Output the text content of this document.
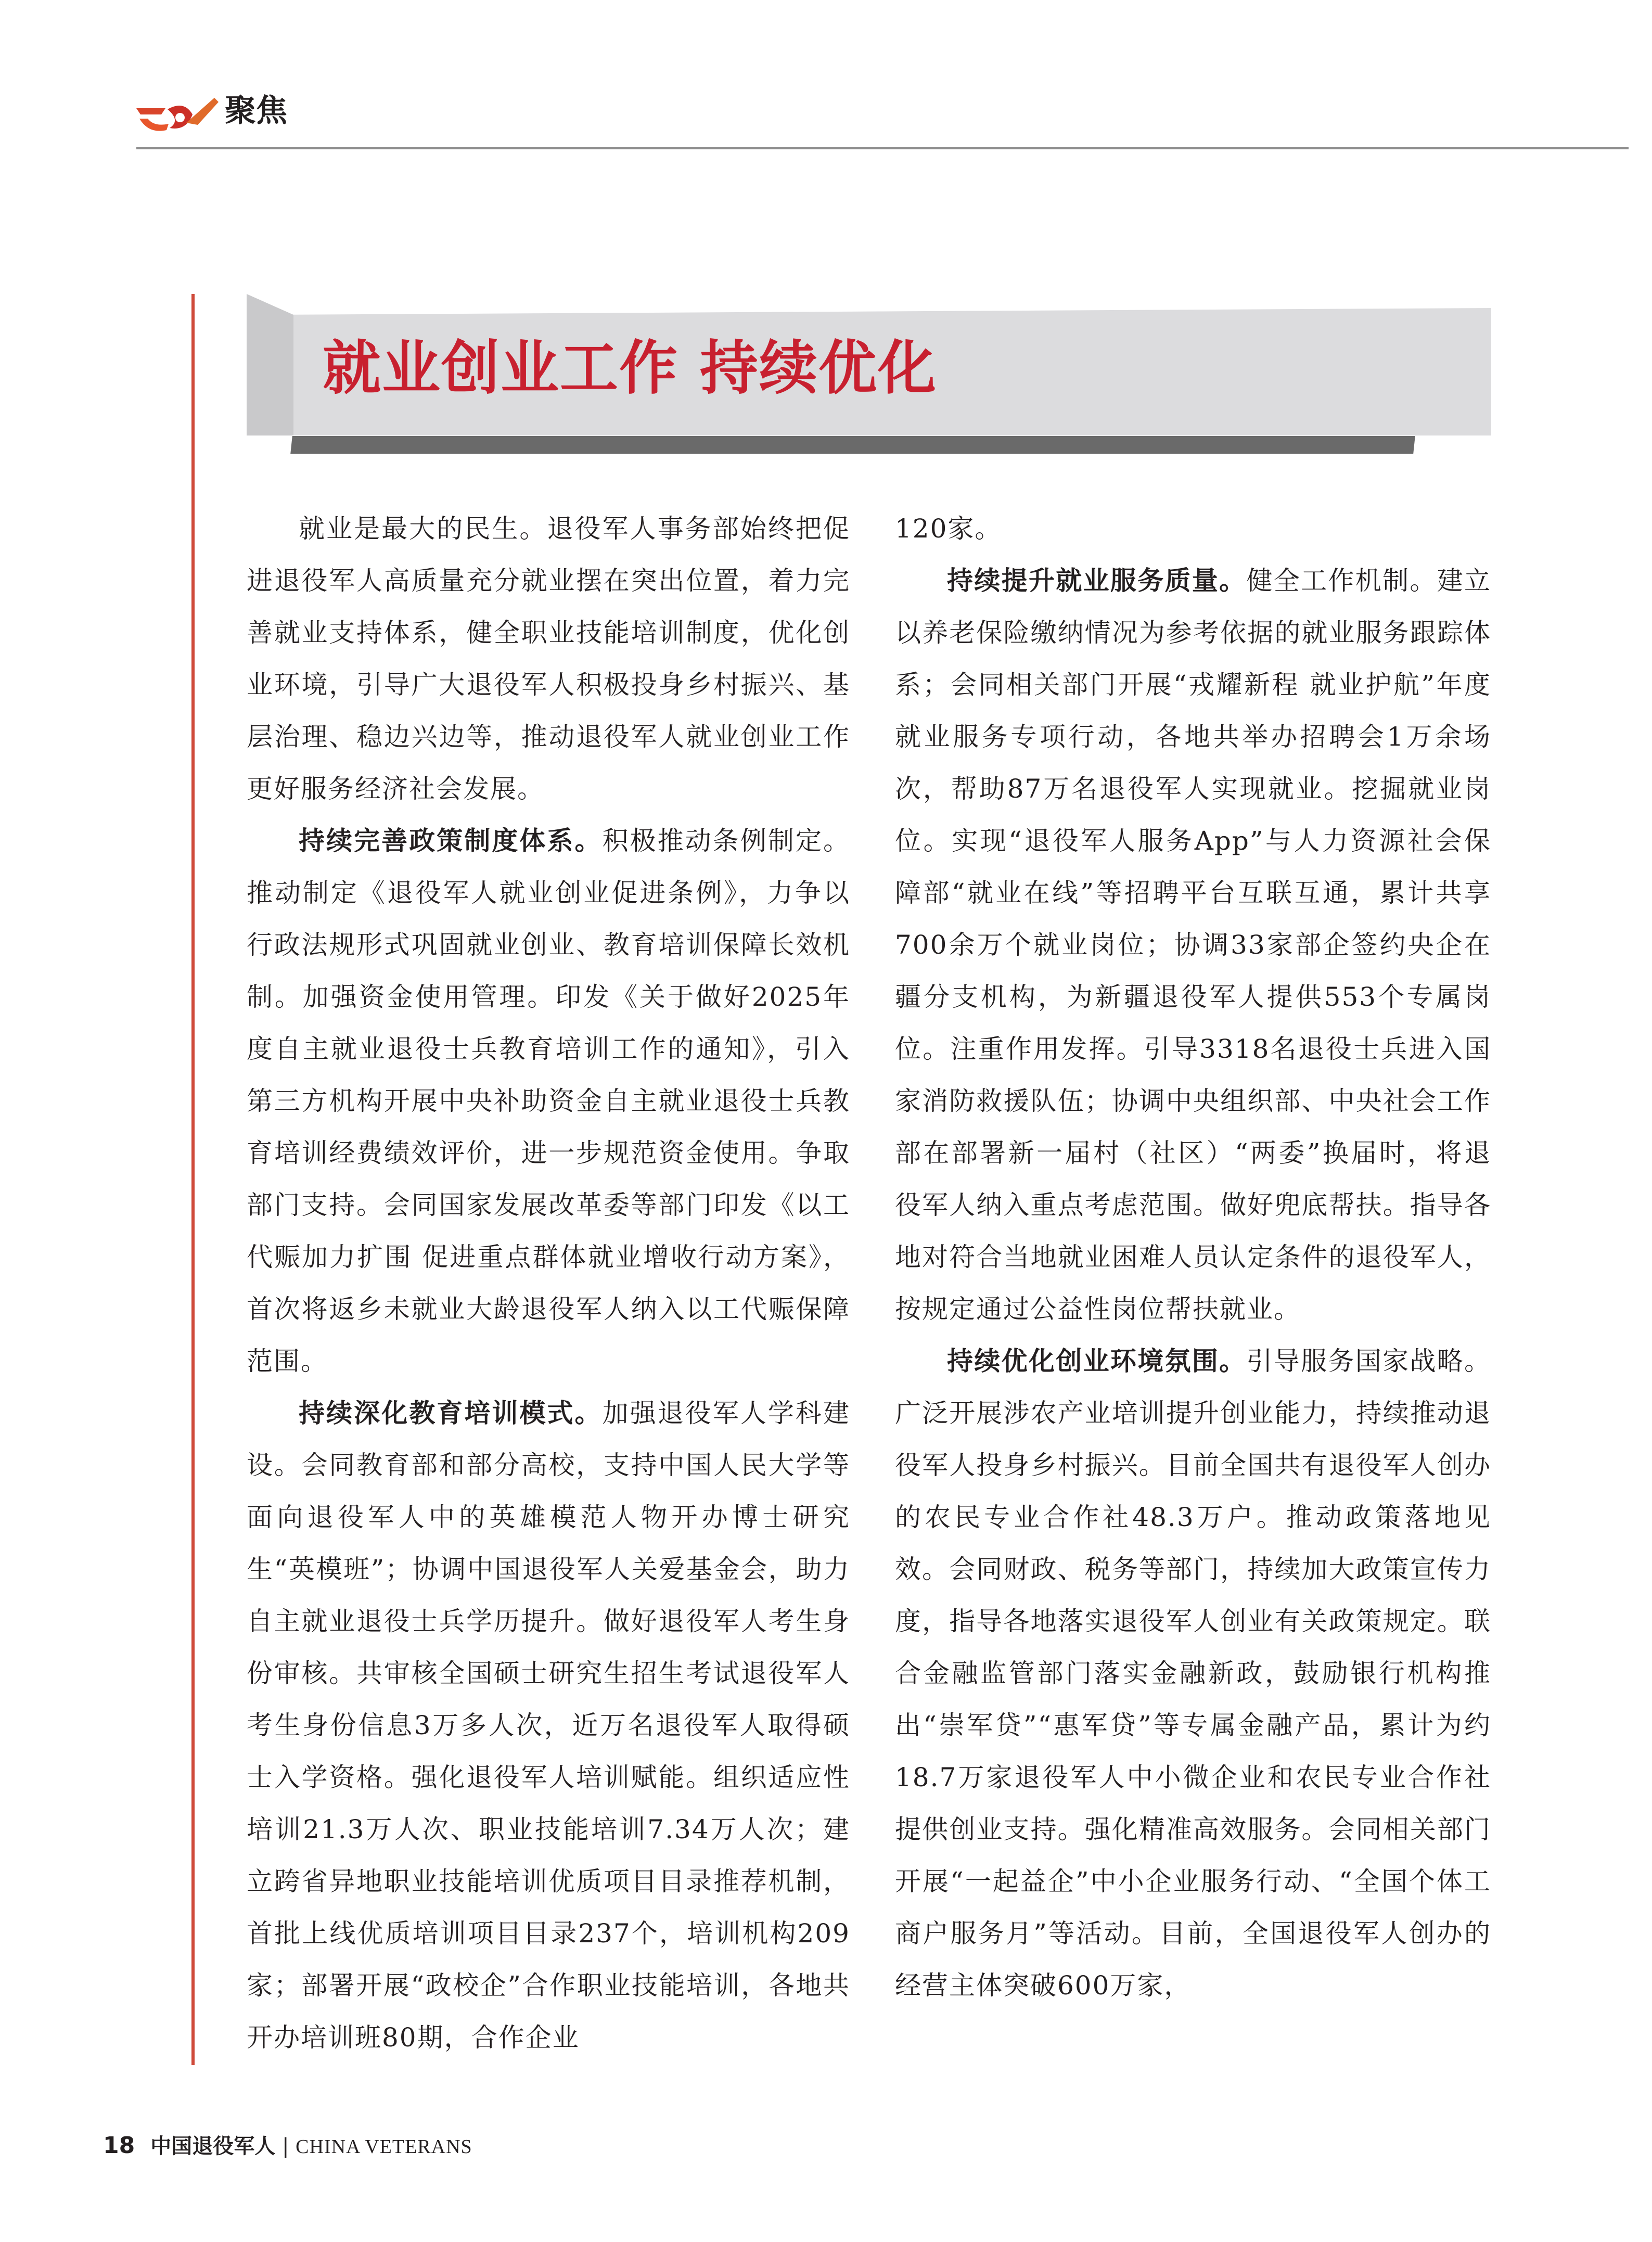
聚焦
就业创业工作 持续优化

就业是最大的民生。退役军人事务部始终把促进退役军人高质量充分就业摆在突出位置，着力完善就业支持体系，健全职业技能培训制度，优化创业环境，引导广大退役军人积极投身乡村振兴、基层治理、稳边兴边等，推动退役军人就业创业工作更好服务经济社会发展。

持续完善政策制度体系。积极推动条例制定。推动制定《退役军人就业创业促进条例》，力争以行政法规形式巩固就业创业、教育培训保障长效机制。加强资金使用管理。印发《关于做好2025年度自主就业退役士兵教育培训工作的通知》，引入第三方机构开展中央补助资金自主就业退役士兵教育培训经费绩效评价，进一步规范资金使用。争取部门支持。会同国家发展改革委等部门印发《以工代赈加力扩围 促进重点群体就业增收行动方案》，首次将返乡未就业大龄退役军人纳入以工代赈保障范围。

持续深化教育培训模式。加强退役军人学科建设。会同教育部和部分高校，支持中国人民大学等面向退役军人中的英雄模范人物开办博士研究生“英模班”；协调中国退役军人关爱基金会，助力自主就业退役士兵学历提升。做好退役军人考生身份审核。共审核全国硕士研究生招生考试退役军人考生身份信息3万多人次，近万名退役军人取得硕士入学资格。强化退役军人培训赋能。组织适应性培训21.3万人次、职业技能培训7.34万人次；建立跨省异地职业技能培训优质项目目录推荐机制，首批上线优质培训项目目录237个，培训机构209家；部署开展“政校企”合作职业技能培训，各地共开办培训班80期，合作企业

120家。

持续提升就业服务质量。健全工作机制。建立以养老保险缴纳情况为参考依据的就业服务跟踪体系；会同相关部门开展“戎耀新程 就业护航”年度就业服务专项行动，各地共举办招聘会1万余场次，帮助87万名退役军人实现就业。挖掘就业岗位。实现“退役军人服务App”与人力资源社会保障部“就业在线”等招聘平台互联互通，累计共享700余万个就业岗位；协调33家部企签约央企在疆分支机构，为新疆退役军人提供553个专属岗位。注重作用发挥。引导3318名退役士兵进入国家消防救援队伍；协调中央组织部、中央社会工作部在部署新一届村（社区）“两委”换届时，将退役军人纳入重点考虑范围。做好兜底帮扶。指导各地对符合当地就业困难人员认定条件的退役军人，按规定通过公益性岗位帮扶就业。

持续优化创业环境氛围。引导服务国家战略。广泛开展涉农产业培训提升创业能力，持续推动退役军人投身乡村振兴。目前全国共有退役军人创办的农民专业合作社48.3万户。推动政策落地见效。会同财政、税务等部门，持续加大政策宣传力度，指导各地落实退役军人创业有关政策规定。联合金融监管部门落实金融新政，鼓励银行机构推出“崇军贷”“惠军贷”等专属金融产品，累计为约18.7万家退役军人中小微企业和农民专业合作社提供创业支持。强化精准高效服务。会同相关部门开展“一起益企”中小企业服务行动、“全国个体工商户服务月”等活动。目前，全国退役军人创办的经营主体突破600万家，

18 中国退役军人 | CHINA VETERANS
